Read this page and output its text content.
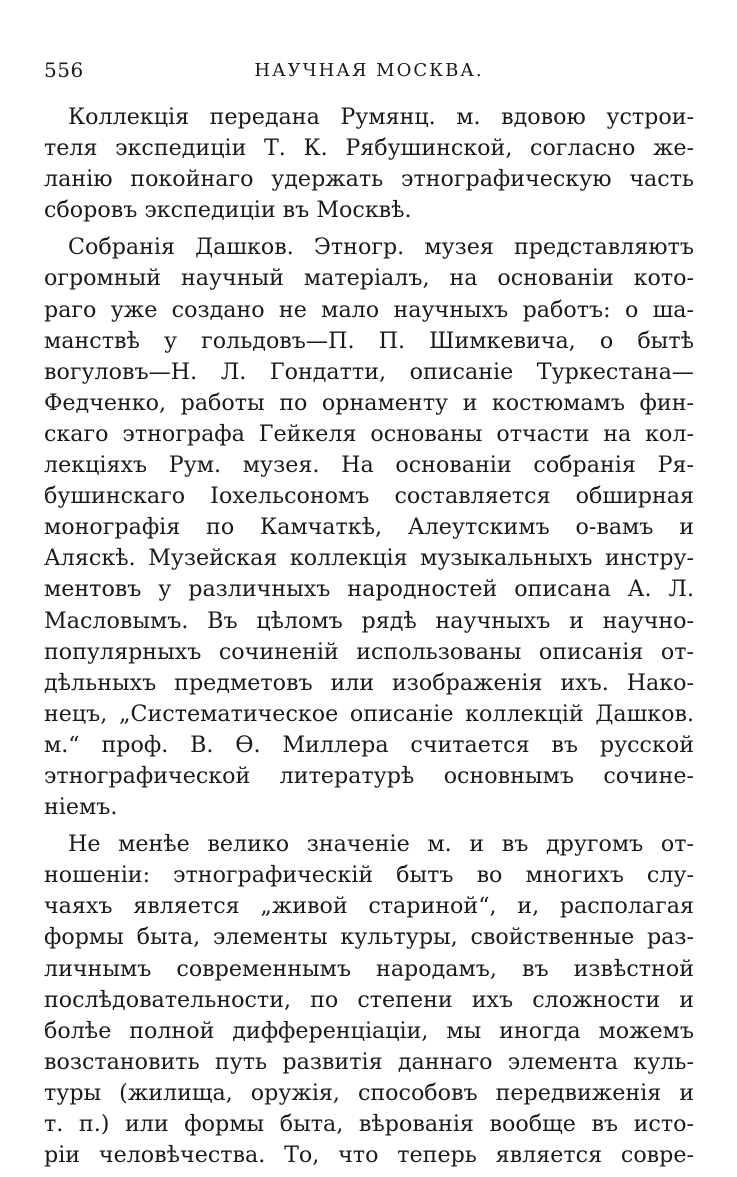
556	НАУЧНАЯ МОСКВА.
Коллекція передана Румянц. м. вдовою устрои-
теля экспедиціи Т. К. Рябушинской, согласно же-
ланію покойнаго удержать этнографическую часть
сборовъ экспедиціи въ Москвѣ.
Собранія Дашков. Этногр. музея представляютъ
огромный научный матеріалъ, на основаніи кото-
раго уже создано не мало научныхъ работъ: о ша-
манствѣ у гольдовъ—П. П. Шимкевича, о бытѣ
вогуловъ—Н. Л. Гондатти, описаніе Туркестана—
Федченко, работы по орнаменту и костюмамъ фин-
скаго этнографа Гейкеля основаны отчасти на кол-
лекціяхъ Рум. музея. На основаніи собранія Ря-
бушинскаго Іохельсономъ составляется обширная
монографія по Камчаткѣ, Алеутскимъ о-вамъ и
Аляскѣ. Музейская коллекція музыкальныхъ инстру-
ментовъ у различныхъ народностей описана А. Л.
Масловымъ. Въ цѣломъ рядѣ научныхъ и научно-
популярныхъ сочиненій использованы описанія от-
дѣльныхъ предметовъ или изображенія ихъ. Нако-
нецъ, „Систематическое описаніе коллекцій Дашков.
м.“ проф. В. Ѳ. Миллера считается въ русской
этнографической литературѣ основнымъ сочине-
ніемъ.
Не менѣе велико значеніе м. и въ другомъ от-
ношеніи: этнографическій бытъ во многихъ слу-
чаяхъ является „живой стариной“, и, располагая
формы быта, элементы культуры, свойственные раз-
личнымъ современнымъ народамъ, въ извѣстной
послѣдовательности, по степени ихъ сложности и
болѣе полной дифференціаціи, мы иногда можемъ
возстановить путь развитія даннаго элемента куль-
туры (жилища, оружія, способовъ передвиженія и
т. п.) или формы быта, вѣрованія вообще въ исто-
ріи человѣчества. То, что теперь является совре-
